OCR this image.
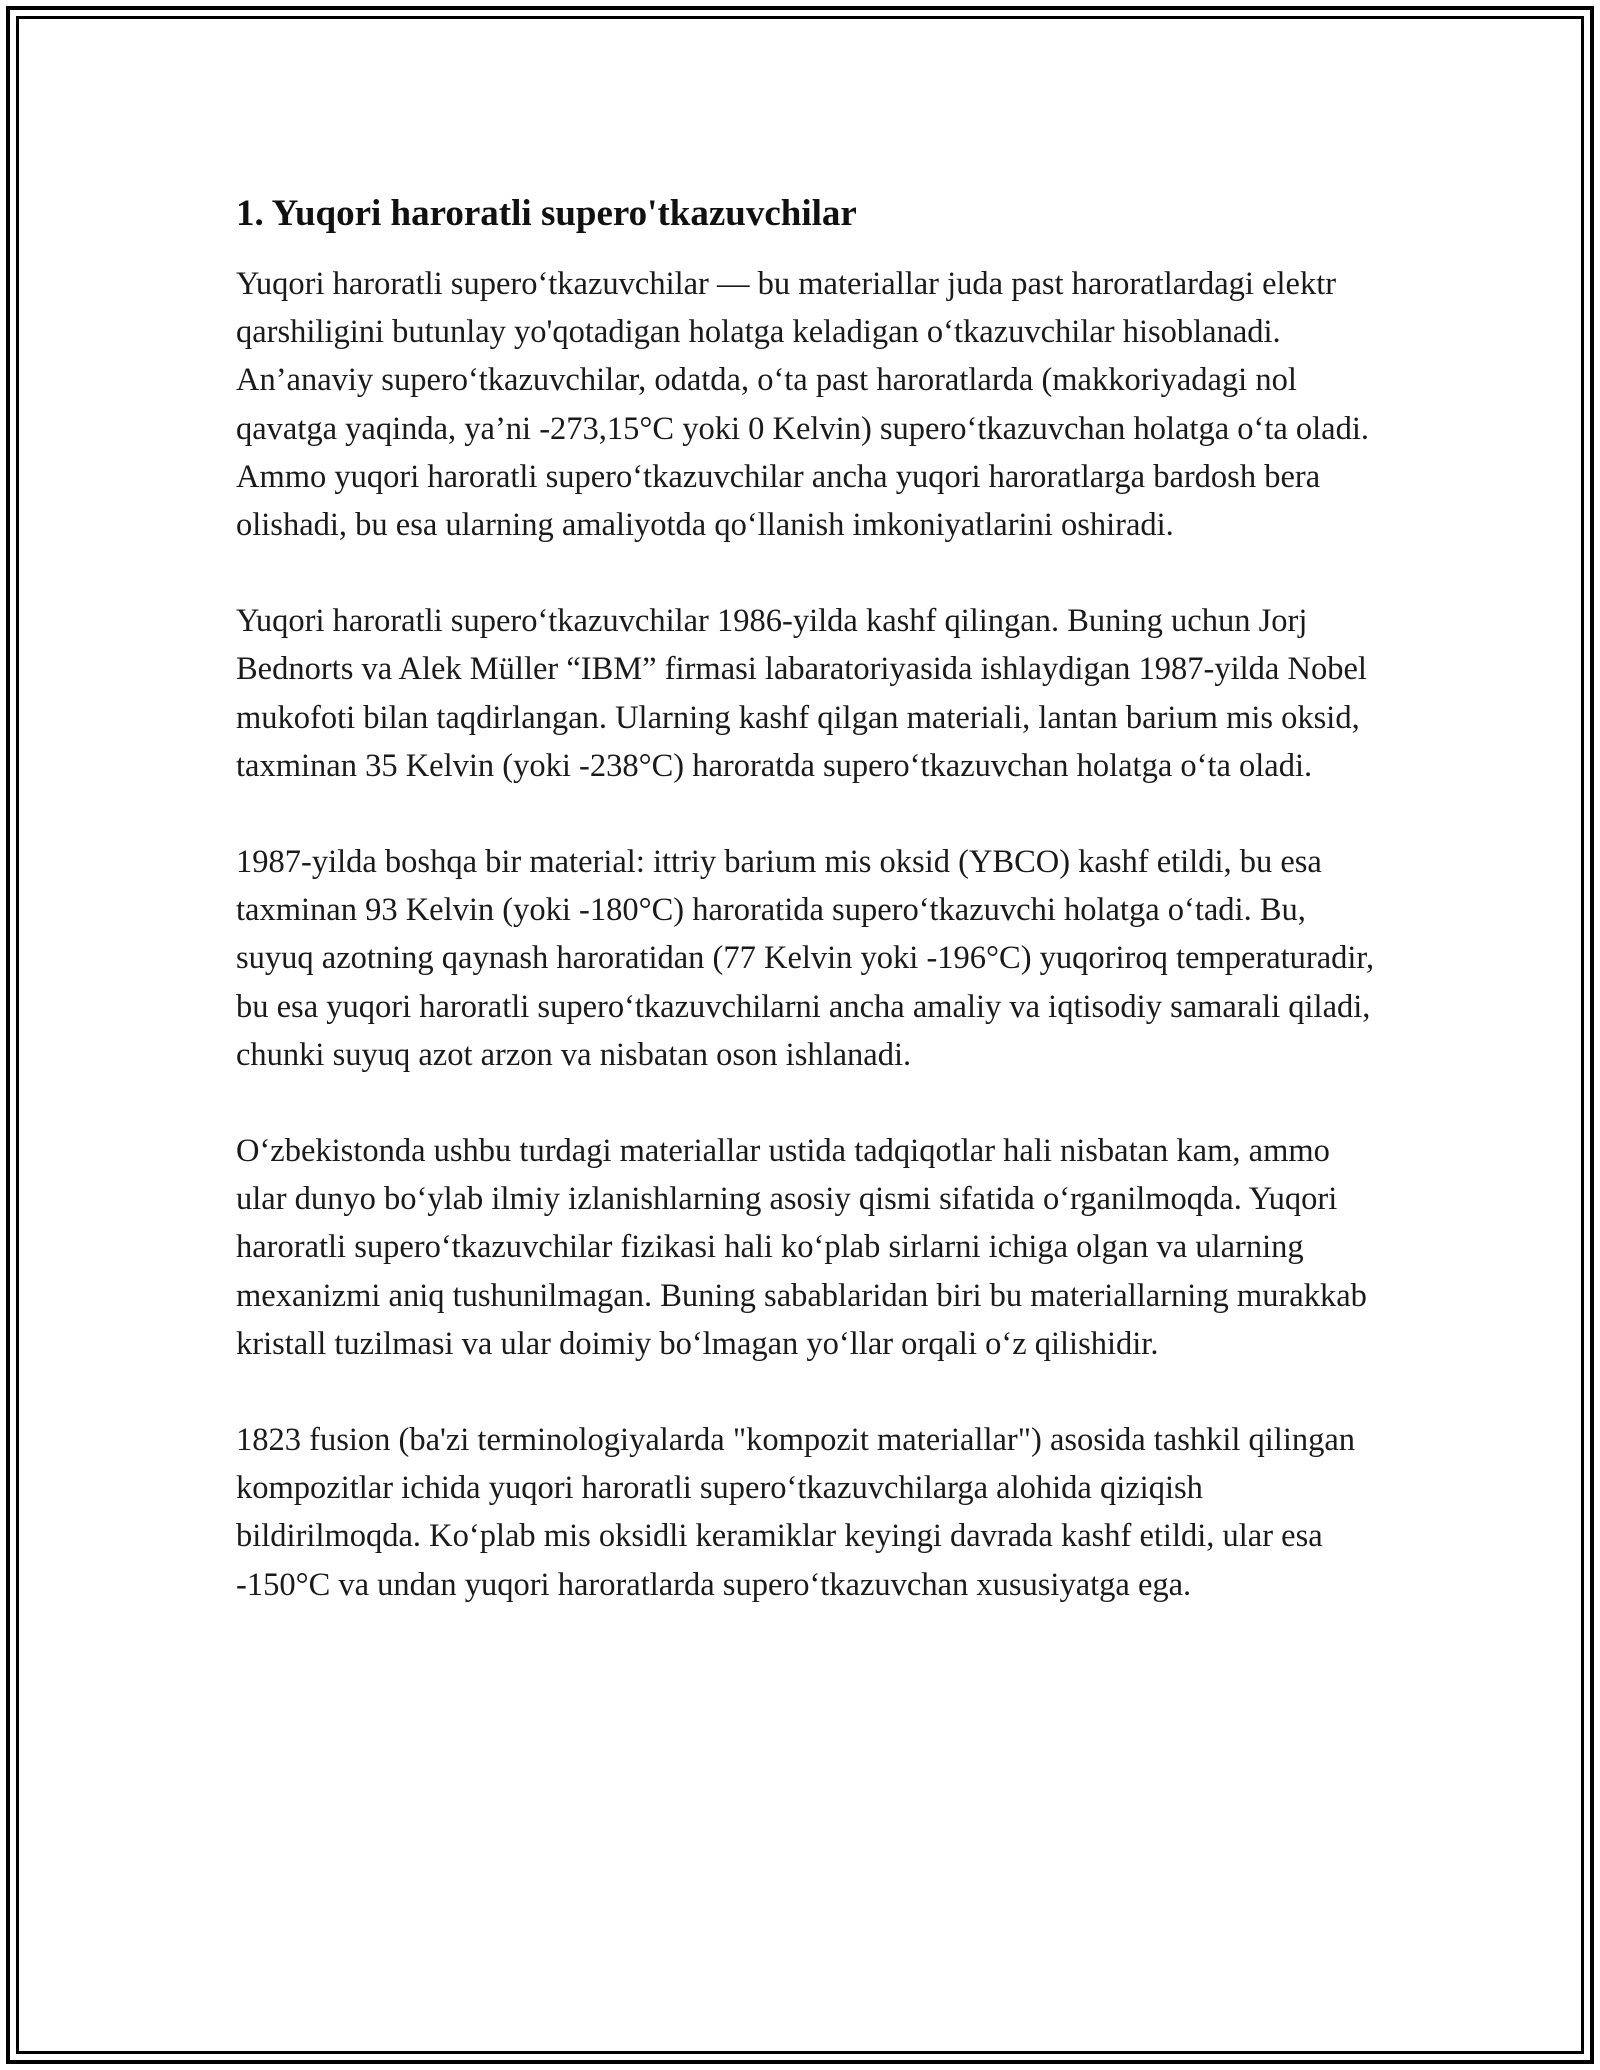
1. Yuqori haroratli supero'tkazuvchilar

Yuqori haroratli supero‘tkazuvchilar — bu materiallar juda past haroratlardagi elektr qarshiligini butunlay yo'qotadigan holatga keladigan o‘tkazuvchilar hisoblanadi. An’anaviy supero‘tkazuvchilar, odatda, o‘ta past haroratlarda (makkoriyadagi nol qavatga yaqinda, ya’ni -273,15°C yoki 0 Kelvin) supero‘tkazuvchan holatga o‘ta oladi. Ammo yuqori haroratli supero‘tkazuvchilar ancha yuqori haroratlarga bardosh bera olishadi, bu esa ularning amaliyotda qo‘llanish imkoniyatlarini oshiradi.

Yuqori haroratli supero‘tkazuvchilar 1986-yilda kashf qilingan. Buning uchun Jorj Bednorts va Alek Müller “IBM” firmasi labaratoriyasida ishlaydigan 1987-yilda Nobel mukofoti bilan taqdirlangan. Ularning kashf qilgan materiali, lantan barium mis oksid, taxminan 35 Kelvin (yoki -238°C) haroratda supero‘tkazuvchan holatga o‘ta oladi.

1987-yilda boshqa bir material: ittriy barium mis oksid (YBCO) kashf etildi, bu esa taxminan 93 Kelvin (yoki -180°C) haroratida supero‘tkazuvchi holatga o‘tadi. Bu, suyuq azotning qaynash haroratidan (77 Kelvin yoki -196°C) yuqoriroq temperaturadir, bu esa yuqori haroratli supero‘tkazuvchilarni ancha amaliy va iqtisodiy samarali qiladi, chunki suyuq azot arzon va nisbatan oson ishlanadi.

O‘zbekistonda ushbu turdagi materiallar ustida tadqiqotlar hali nisbatan kam, ammo ular dunyo bo‘ylab ilmiy izlanishlarning asosiy qismi sifatida o‘rganilmoqda. Yuqori haroratli supero‘tkazuvchilar fizikasi hali ko‘plab sirlarni ichiga olgan va ularning mexanizmi aniq tushunilmagan. Buning sabablaridan biri bu materiallarning murakkab kristall tuzilmasi va ular doimiy bo‘lmagan yo‘llar orqali o‘z qilishidir.

1823 fusion (ba'zi terminologiyalarda "kompozit materiallar") asosida tashkil qilingan kompozitlar ichida yuqori haroratli supero‘tkazuvchilarga alohida qiziqish bildirilmoqda. Ko‘plab mis oksidli keramiklar keyingi davrada kashf etildi, ular esa -150°C va undan yuqori haroratlarda supero‘tkazuvchan xususiyatga ega.
